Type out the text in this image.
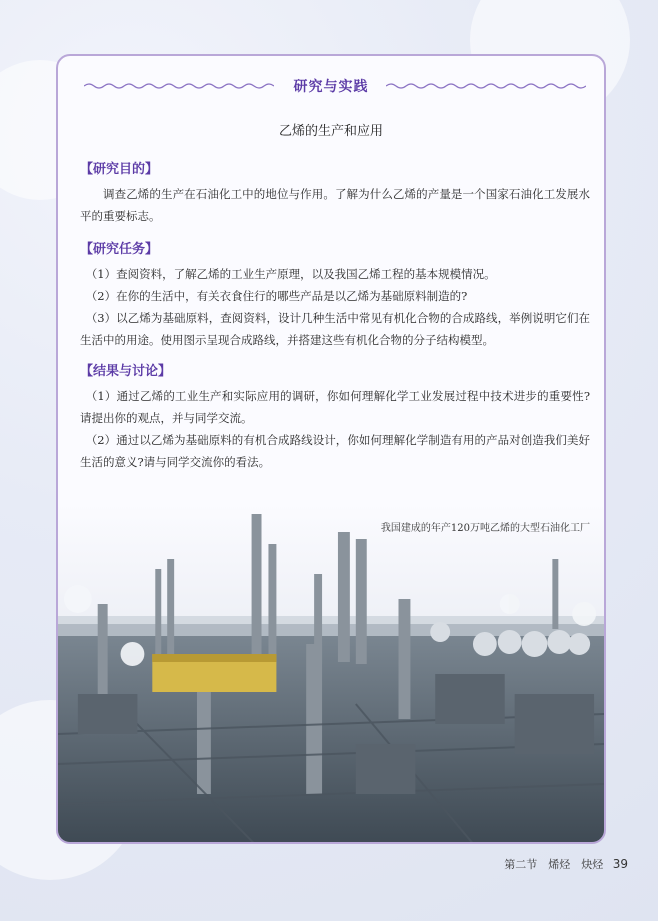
研究与实践
乙烯的生产和应用
【研究目的】

调查乙烯的生产在石油化工中的地位与作用。了解为什么乙烯的产量是一个国家石油化工发展水平的重要标志。

【研究任务】

（1）查阅资料，了解乙烯的工业生产原理，以及我国乙烯工程的基本规模情况。

（2）在你的生活中，有关衣食住行的哪些产品是以乙烯为基础原料制造的?

（3）以乙烯为基础原料，查阅资料，设计几种生活中常见有机化合物的合成路线，举例说明它们在生活中的用途。使用图示呈现合成路线，并搭建这些有机化合物的分子结构模型。

【结果与讨论】

（1）通过乙烯的工业生产和实际应用的调研，你如何理解化学工业发展过程中技术进步的重要性?请提出你的观点，并与同学交流。

（2）通过以乙烯为基础原料的有机合成路线设计，你如何理解化学制造有用的产品对创造我们美好生活的意义?请与同学交流你的看法。

我国建成的年产120万吨乙烯的大型石油化工厂
第二节　烯烃　炔烃 39
